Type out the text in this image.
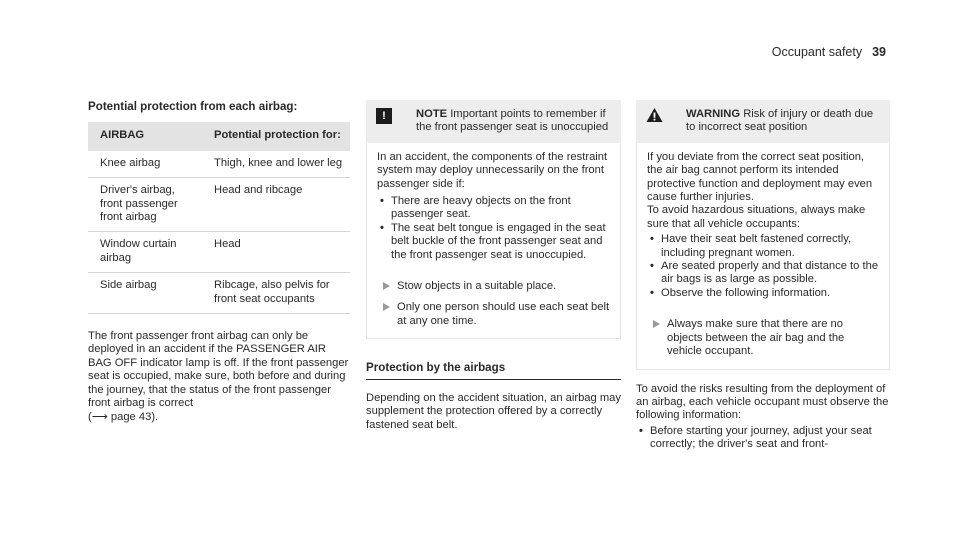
Occupant safety 39
Potential protection from each airbag:
AIRBAG	Potential protection for:
Knee airbag	Thigh, knee and lower leg
Driver's airbag, front passenger front airbag	Head and ribcage
Window curtain airbag	Head
Side airbag	Ribcage, also pelvis for front seat occupants

The front passenger front airbag can only be deployed in an accident if the PASSENGER AIR BAG OFF indicator lamp is off. If the front passenger seat is occupied, make sure, both before and during the journey, that the status of the front passenger front airbag is correct
(⟶ page 43).

!	NOTE Important points to remember if the front passenger seat is unoccupied

In an accident, the components of the restraint system may deploy unnecessarily on the front passenger side if:

• There are heavy objects on the front passenger seat.
• The seat belt tongue is engaged in the seat belt buckle of the front passenger seat and the front passenger seat is unoccupied.
Stow objects in a suitable place.
Only one person should use each seat belt at any one time.
Protection by the airbags

Depending on the accident situation, an airbag may supplement the protection offered by a correctly fastened seat belt.

WARNING Risk of injury or death due to incorrect seat position

If you deviate from the correct seat position, the air bag cannot perform its intended protective function and deployment may even cause further injuries.

To avoid hazardous situations, always make sure that all vehicle occupants:

• Have their seat belt fastened correctly, including pregnant women.
• Are seated properly and that distance to the air bags is as large as possible.
• Observe the following information.
Always make sure that there are no objects between the air bag and the vehicle occupant.

To avoid the risks resulting from the deployment of an airbag, each vehicle occupant must observe the following information:

• Before starting your journey, adjust your seat correctly; the driver's seat and front-
